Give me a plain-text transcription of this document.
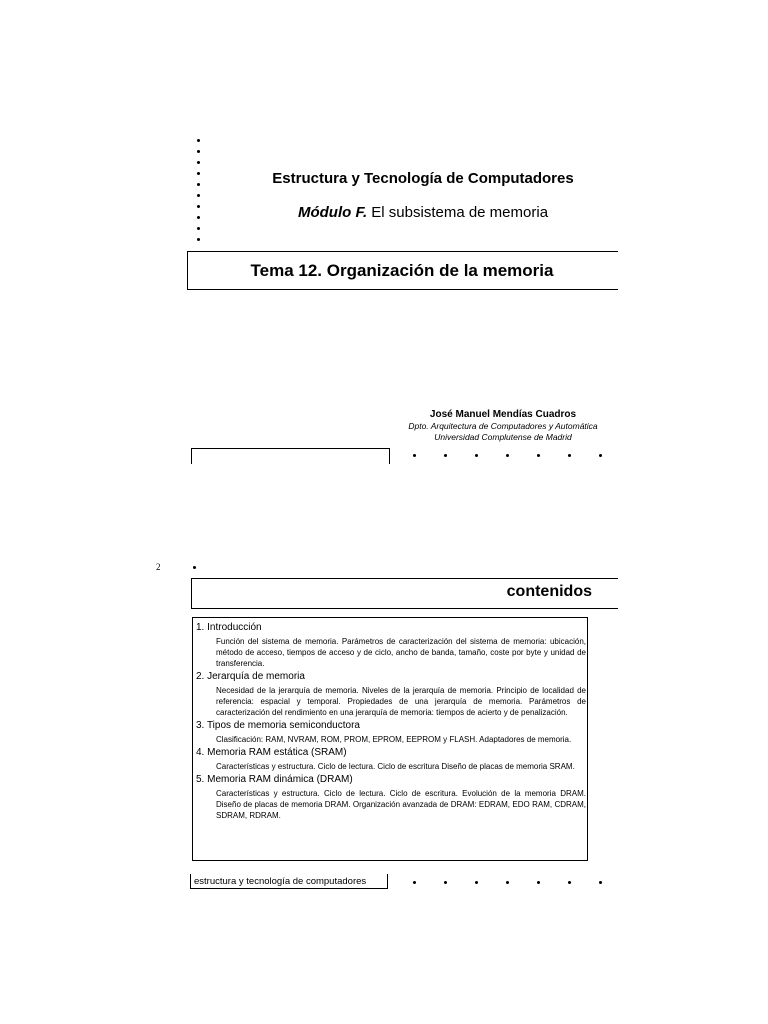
Estructura y Tecnología de Computadores
Módulo F. El subsistema de memoria
Tema 12. Organización de la memoria
José Manuel Mendías Cuadros
Dpto. Arquitectura de Computadores y Automática
Universidad Complutense de Madrid
2
contenidos
1. Introducción
Función del sistema de memoria. Parámetros de caracterización del sistema de memoria: ubicación, método de acceso, tiempos de acceso y de ciclo, ancho de banda, tamaño, coste por byte y unidad de transferencia.
2. Jerarquía de memoria
Necesidad de la jerarquía de memoria. Niveles de la jerarquía de memoria. Principio de localidad de referencia: espacial y temporal. Propiedades de una jerarquía de memoria. Parámetros de caracterización del rendimiento en una jerarquía de memoria: tiempos de acierto y de penalización.
3. Tipos de memoria semiconductora
Clasificación: RAM, NVRAM, ROM, PROM, EPROM, EEPROM y FLASH. Adaptadores de memoria.
4. Memoria RAM estática (SRAM)
Características y estructura. Ciclo de lectura. Ciclo de escritura Diseño de placas de memoria SRAM.
5. Memoria RAM dinámica (DRAM)
Características y estructura. Ciclo de lectura. Ciclo de escritura. Evolución de la memoria DRAM. Diseño de placas de memoria DRAM. Organización avanzada de DRAM: EDRAM, EDO RAM, CDRAM, SDRAM, RDRAM.
estructura y tecnología de computadores
